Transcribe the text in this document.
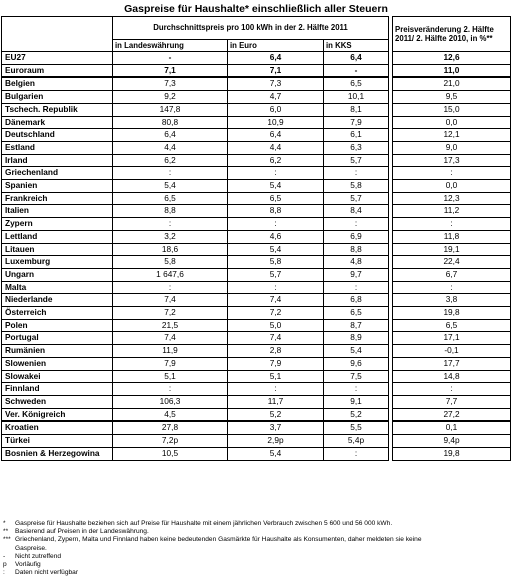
Gaspreise für Haushalte* einschließlich aller Steuern
	Durchschnittspreis pro 100 kWh in der 2. Hälfte 2011				Preisveränderung 2. Hälfte 2011/ 2. Hälfte 2010, in %**
	in Landeswährung	in Euro	in KKS		
EU27	-	6,4	6,4		12,6
Euroraum	7,1	7,1	-		11,0
Belgien	7,3	7,3	6,5		21,0
Bulgarien	9,2	4,7	10,1		9,5
Tschech. Republik	147,8	6,0	8,1		15,0
Dänemark	80,8	10,9	7,9		0,0
Deutschland	6,4	6,4	6,1		12,1
Estland	4,4	4,4	6,3		9,0
Irland	6,2	6,2	5,7		17,3
Griechenland	:	:	:		:
Spanien	5,4	5,4	5,8		0,0
Frankreich	6,5	6,5	5,7		12,3
Italien	8,8	8,8	8,4		11,2
Zypern	:	:	:		:
Lettland	3,2	4,6	6,9		11,8
Litauen	18,6	5,4	8,8		19,1
Luxemburg	5,8	5,8	4,8		22,4
Ungarn	1 647,6	5,7	9,7		6,7
Malta	:	:	:		:
Niederlande	7,4	7,4	6,8		3,8
Österreich	7,2	7,2	6,5		19,8
Polen	21,5	5,0	8,7		6,5
Portugal	7,4	7,4	8,9		17,1
Rumänien	11,9	2,8	5,4		-0,1
Slowenien	7,9	7,9	9,6		17,7
Slowakei	5,1	5,1	7,5		14,8
Finnland	:	:	:		:
Schweden	106,3	11,7	9,1		7,7
Ver. Königreich	4,5	5,2	5,2		27,2
Kroatien	27,8	3,7	5,5		0,1
Türkei	7,2p	2,9p	5,4p		9,4p
Bosnien & Herzegowina	10,5	5,4	:		19,8
* Gaspreise für Haushalte beziehen sich auf Preise für Haushalte mit einem jährlichen Verbrauch zwischen 5 600 und 56 000 kWh.
** Basierend auf Preisen in der Landeswährung.
*** Griechenland, Zypern, Malta und Finnland haben keine bedeutenden Gasmärkte für Haushalte als Konsumenten, daher meldeten sie keine
Gaspreise.
- Nicht zutreffend
p Vorläufig
: Daten nicht verfügbar
